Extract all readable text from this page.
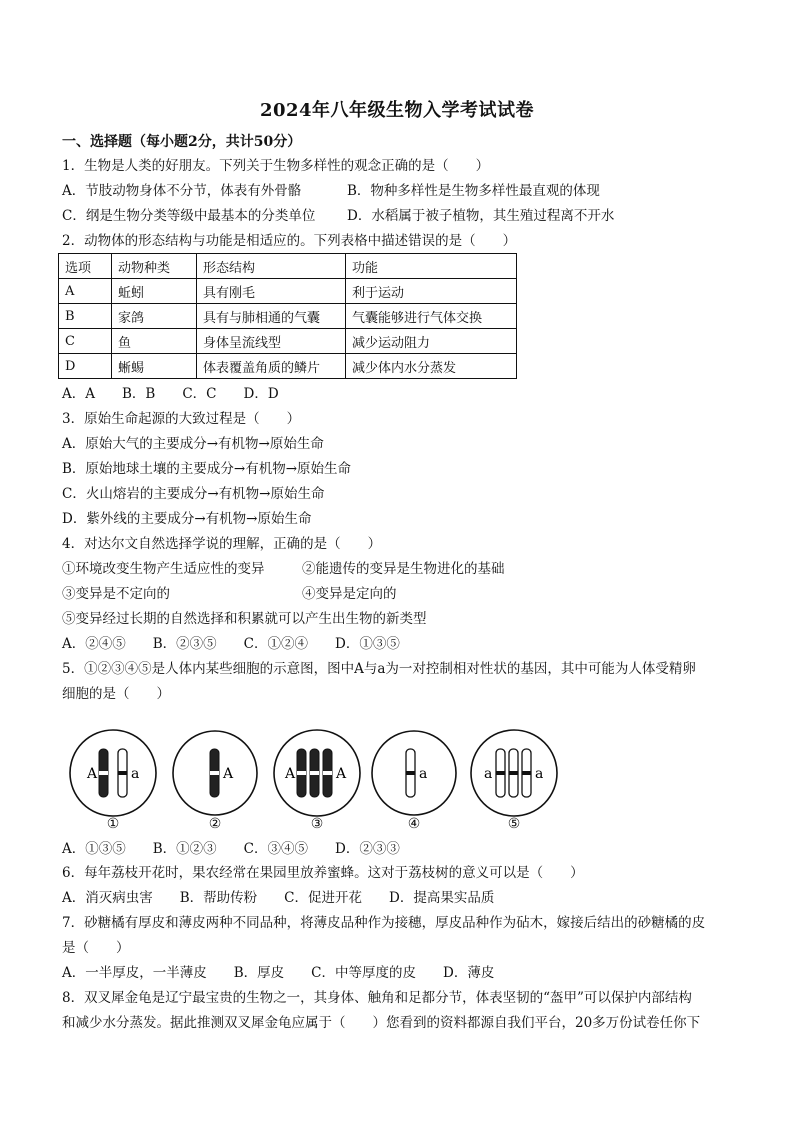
2024年八年级生物入学考试试卷
一、选择题（每小题2分，共计50分）
1．生物是人类的好朋友。下列关于生物多样性的观念正确的是（　　）
A．节肢动物身体不分节，体表有外骨骼	B．物种多样性是生物多样性最直观的体现
C．纲是生物分类等级中最基本的分类单位 D．水稻属于被子植物，其生殖过程离不开水
2．动物体的形态结构与功能是相适应的。下列表格中描述错误的是（　　）
选项	动物种类	形态结构	功能
A	蚯蚓	具有刚毛	利于运动
B	家鸽	具有与肺相通的气囊	气囊能够进行气体交换
C	鱼	身体呈流线型	减少运动阻力
D	蜥蜴	体表覆盖角质的鳞片	减少体内水分蒸发
A．A　　B．B　　C．C　　D．D
3．原始生命起源的大致过程是（　　）
A．原始大气的主要成分→有机物→原始生命
B．原始地球土壤的主要成分→有机物→原始生命
C．火山熔岩的主要成分→有机物→原始生命
D．紫外线的主要成分→有机物→原始生命
4．对达尔文自然选择学说的理解，正确的是（　　）
①环境改变生物产生适应性的变异	②能遗传的变异是生物进化的基础
③变异是不定向的	④变异是定向的
⑤变异经过长期的自然选择和积累就可以产生出生物的新类型
A．②④⑤　　B．②③⑤　　C．①②④　　D．①③⑤
5．①②③④⑤是人体内某些细胞的示意图，图中A与a为一对控制相对性状的基因，其中可能为人体受精卵
细胞的是（　　）
A a	A	A	A	a	a	a
①	②	③	④	⑤
A．①③⑤　　B．①②③　　C．③④⑤　　D．②③③
6．每年荔枝开花时，果农经常在果园里放养蜜蜂。这对于荔枝树的意义可以是（　　）
A．消灭病虫害　　B．帮助传粉　　C．促进开花　　D．提高果实品质
7．砂糖橘有厚皮和薄皮两种不同品种，将薄皮品种作为接穗，厚皮品种作为砧木，嫁接后结出的砂糖橘的皮
是（　　）
A．一半厚皮，一半薄皮　　B．厚皮　　C．中等厚度的皮　　D．薄皮
8．双叉犀金龟是辽宁最宝贵的生物之一，其身体、触角和足都分节，体表坚韧的“盔甲”可以保护内部结构
和减少水分蒸发。据此推测双叉犀金龟应属于（　　）您看到的资料都源自我们平台，20多万份试卷任你下
